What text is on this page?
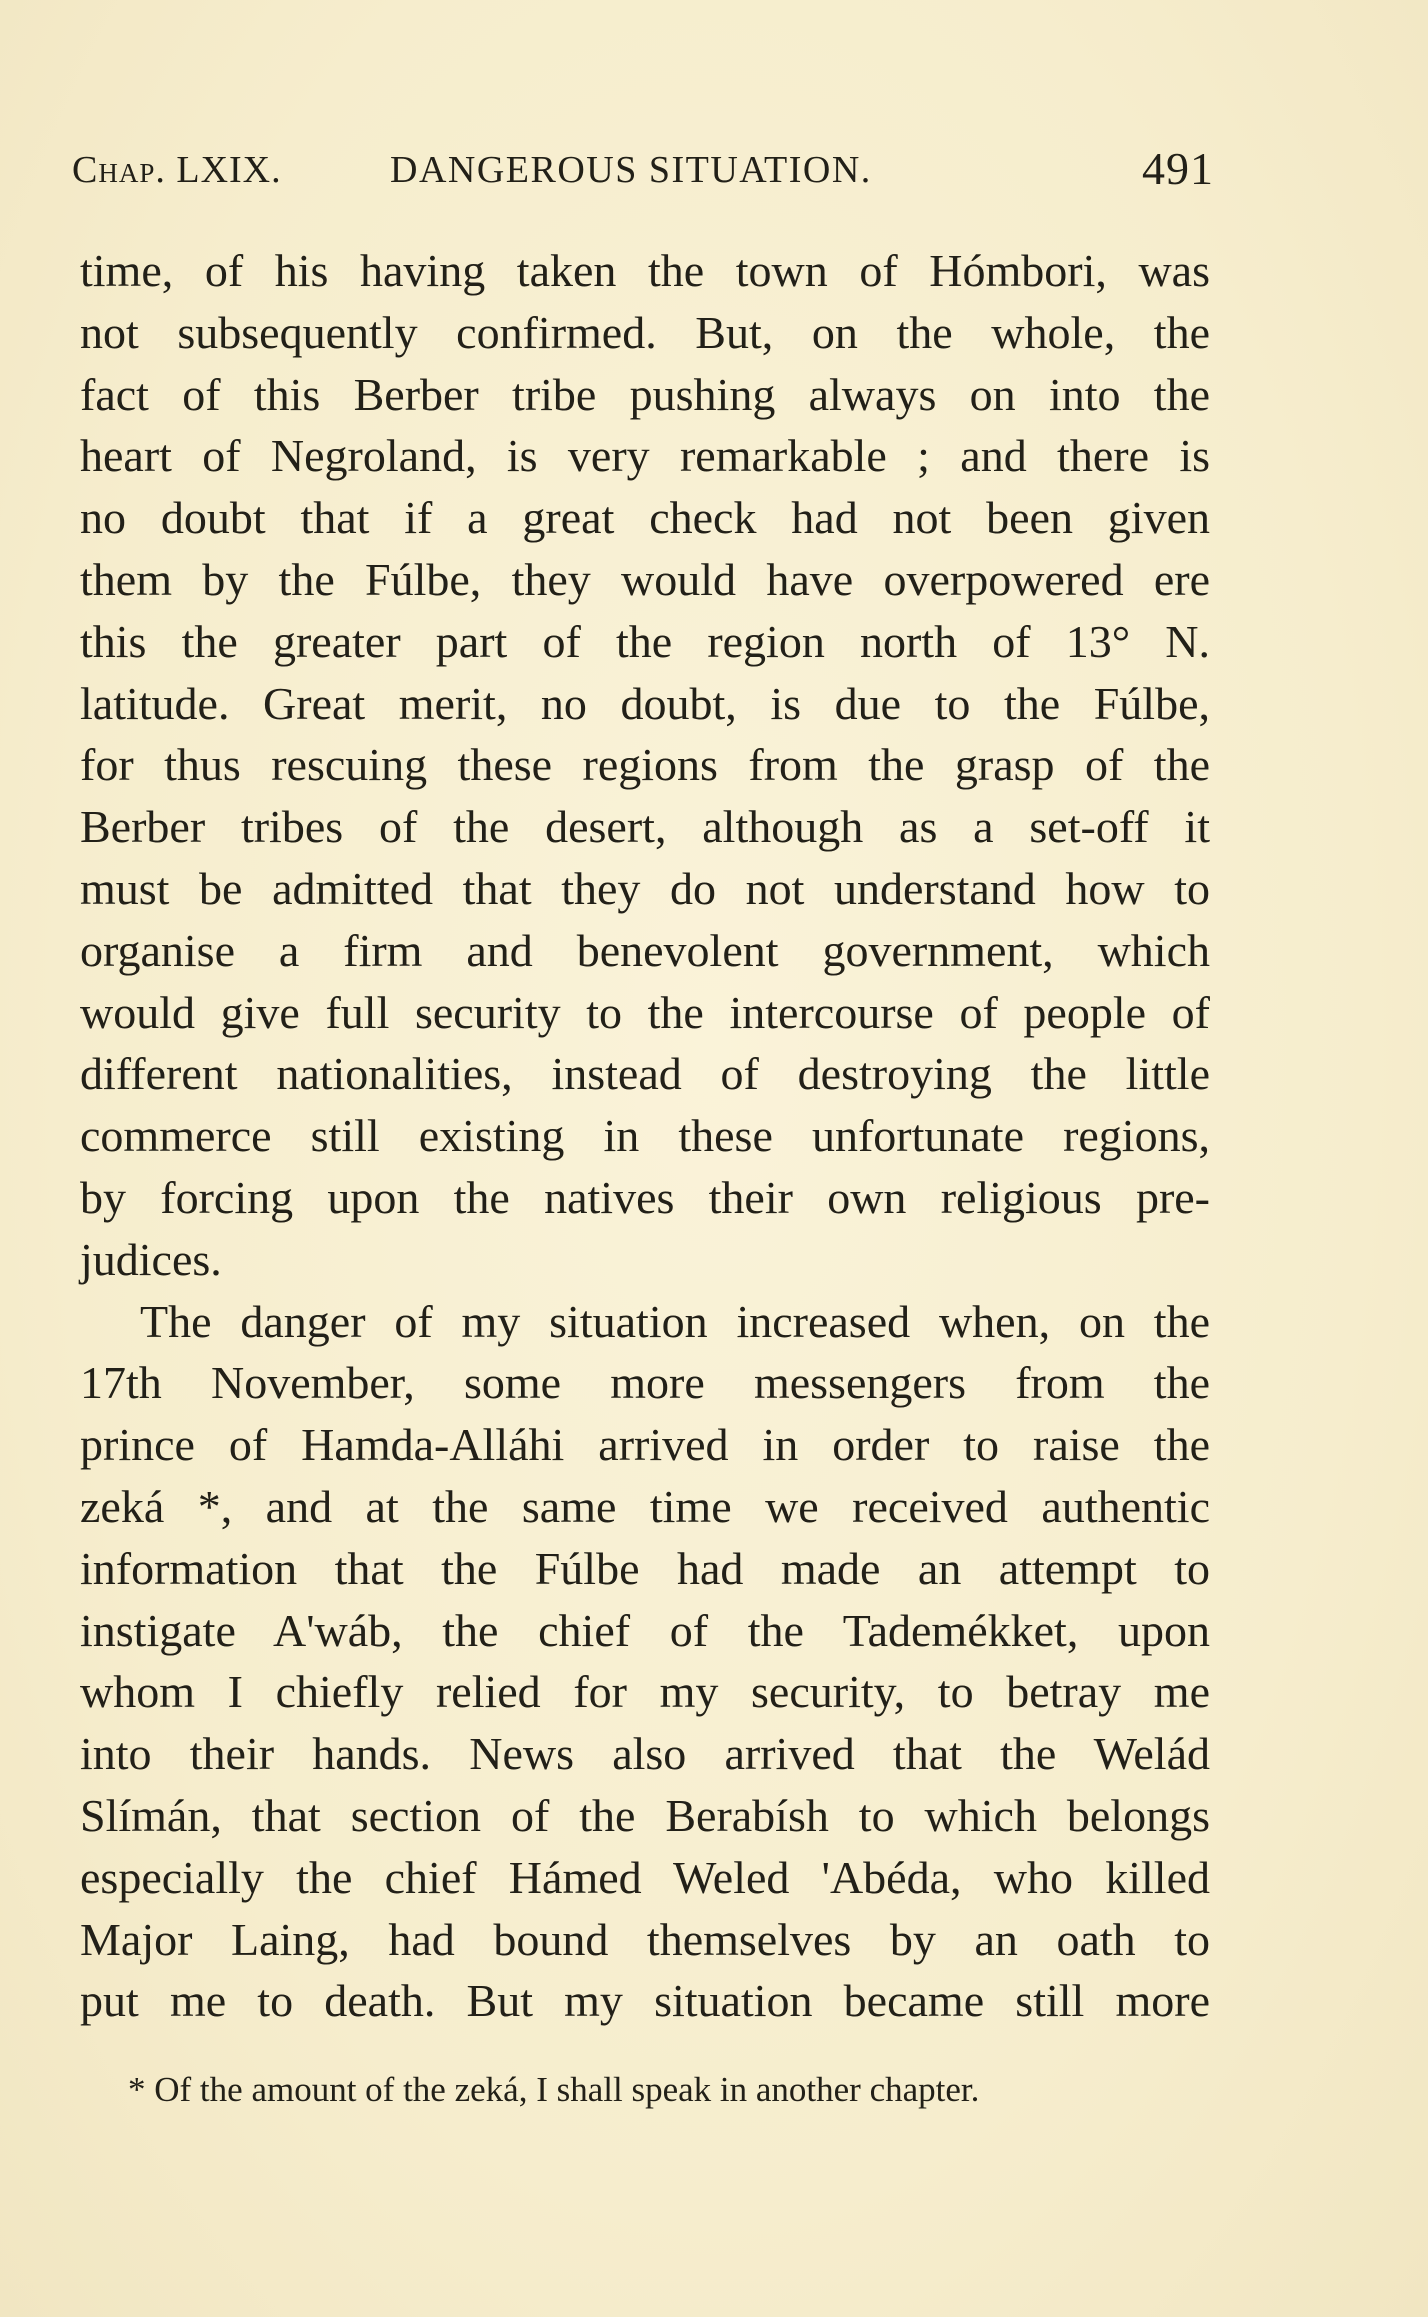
Chap. LXIX.	DANGEROUS SITUATION.	491
time, of his having taken the town of Hómbori, was
not subsequently confirmed. But, on the whole, the
fact of this Berber tribe pushing always on into the
heart of Negroland, is very remarkable ; and there is
no doubt that if a great check had not been given
them by the Fúlbe, they would have overpowered ere
this the greater part of the region north of 13° N.
latitude. Great merit, no doubt, is due to the Fúlbe,
for thus rescuing these regions from the grasp of the
Berber tribes of the desert, although as a set-off it
must be admitted that they do not understand how to
organise a firm and benevolent government, which
would give full security to the intercourse of people of
different nationalities, instead of destroying the little
commerce still existing in these unfortunate regions,
by forcing upon the natives their own religious pre-
judices.
The danger of my situation increased when, on the
17th November, some more messengers from the
prince of Hamda-Alláhi arrived in order to raise the
zeká *, and at the same time we received authentic
information that the Fúlbe had made an attempt to
instigate A'wáb, the chief of the Tademékket, upon
whom I chiefly relied for my security, to betray me
into their hands. News also arrived that the Welád
Slímán, that section of the Berabísh to which belongs
especially the chief Hámed Weled 'Abéda, who killed
Major Laing, had bound themselves by an oath to
put me to death. But my situation became still more
* Of the amount of the zeká, I shall speak in another chapter.
